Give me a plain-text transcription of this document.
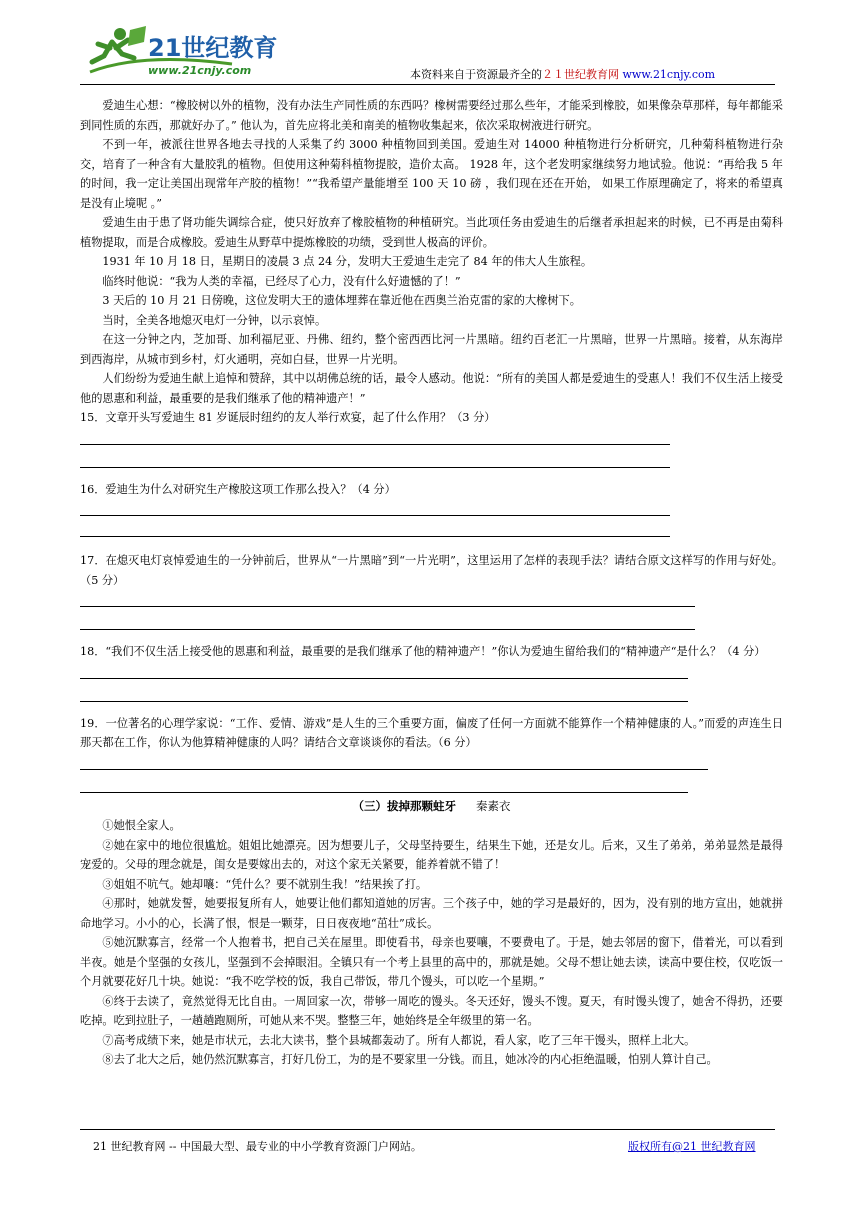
21世纪教育
www.21cnjy.com	本资料来自于资源最齐全的２１世纪教育网 www.21cnjy.com

爱迪生心想：“橡胶树以外的植物，没有办法生产同性质的东西吗？橡树需要经过那么些年，才能采到橡胶，如果像杂草那样，每年都能采到同性质的东西，那就好办了。” 他认为，首先应将北美和南美的植物收集起来，依次采取树液进行研究。

不到一年，被派往世界各地去寻找的人采集了约 3000 种植物回到美国。爱迪生对 14000 种植物进行分析研究，几种菊科植物进行杂交，培育了一种含有大量胶乳的植物。但使用这种菊科植物提胶，造价太高。 1928 年，这个老发明家继续努力地试验。他说：“再给我 5 年的时间，我一定让美国出现常年产胶的植物！”“我希望产量能增至 100 天 10 磅 ，我们现在还在开始， 如果工作原理确定了，将来的希望真是没有止境呢 。”

爱迪生由于患了肾功能失调综合症，使只好放弃了橡胶植物的种植研究。当此项任务由爱迪生的后继者承担起来的时候，已不再是由菊科植物提取，而是合成橡胶。爱迪生从野草中提炼橡胶的功绩，受到世人极高的评价。

1931 年 10 月 18 日，星期日的凌晨 3 点 24 分，发明大王爱迪生走完了 84 年的伟大人生旅程。

临终时他说：“我为人类的幸福，已经尽了心力，没有什么好遗憾的了！”

3 天后的 10 月 21 日傍晚，这位发明大王的遗体埋葬在靠近他在西奥兰治克雷的家的大橡树下。

当时，全美各地熄灭电灯一分钟，以示哀悼。

在这一分钟之内，芝加哥、加利福尼亚、丹佛、纽约，整个密西西比河一片黑暗。纽约百老汇一片黑暗，世界一片黑暗。接着，从东海岸到西海岸，从城市到乡村，灯火通明，亮如白昼，世界一片光明。

人们纷纷为爱迪生献上追悼和赞辞，其中以胡佛总统的话，最令人感动。他说：“所有的美国人都是爱迪生的受惠人！我们不仅生活上接受他的恩惠和利益，最重要的是我们继承了他的精神遗产！”

15．文章开头写爱迪生 81 岁诞辰时纽约的友人举行欢宴，起了什么作用？（3 分）

16．爱迪生为什么对研究生产橡胶这项工作那么投入？（4 分）

17．在熄灭电灯哀悼爱迪生的一分钟前后，世界从“一片黑暗”到“一片光明”，这里运用了怎样的表现手法？请结合原文这样写的作用与好处。（5 分）

18．“我们不仅生活上接受他的恩惠和利益，最重要的是我们继承了他的精神遗产！”你认为爱迪生留给我们的“精神遗产“是什么？（4 分）

19．一位著名的心理学家说：“工作、爱情、游戏”是人生的三个重要方面，偏废了任何一方面就不能算作一个精神健康的人。”而爱的声连生日那天都在工作，你认为他算精神健康的人吗？请结合文章谈谈你的看法。（6 分）

（三）拔掉那颗蛀牙 秦素衣

①她恨全家人。

②她在家中的地位很尴尬。姐姐比她漂亮。因为想要儿子，父母坚持要生，结果生下她，还是女儿。后来，又生了弟弟，弟弟显然是最得宠爱的。父母的理念就是，闺女是要嫁出去的，对这个家无关紧要，能养着就不错了！

③姐姐不吭气。她却嚷：“凭什么？要不就别生我！”结果挨了打。

④那时，她就发誓，她要报复所有人，她要让他们都知道她的厉害。三个孩子中，她的学习是最好的，因为，没有别的地方宣出，她就拼命地学习。小小的心，长满了恨，恨是一颗芽，日日夜夜地“茁壮”成长。

⑤她沉默寡言，经常一个人抱着书，把自己关在屋里。即使看书，母亲也要嚷，不要费电了。于是，她去邻居的窗下，借着光，可以看到半夜。她是个坚强的女孩儿，坚强到不会掉眼泪。全镇只有一个考上县里的高中的，那就是她。父母不想让她去读，读高中要住校，仅吃饭一个月就要花好几十块。她说：“我不吃学校的饭，我自己带饭，带几个馒头，可以吃一个星期。”

⑥终于去读了，竟然觉得无比自由。一周回家一次，带够一周吃的馒头。冬天还好，馒头不馊。夏天，有时馒头馊了，她舍不得扔，还要吃掉。吃到拉肚子，一趟趟跑厕所，可她从来不哭。整整三年，她始终是全年级里的第一名。

⑦高考成绩下来，她是市状元，去北大读书，整个县城都轰动了。所有人都说，看人家，吃了三年干馒头，照样上北大。

⑧去了北大之后，她仍然沉默寡言，打好几份工，为的是不要家里一分钱。而且，她冰冷的内心拒绝温暖，怕别人算计自己。

21 世纪教育网 -- 中国最大型、最专业的中小学教育资源门户网站。	版权所有@21 世纪教育网
